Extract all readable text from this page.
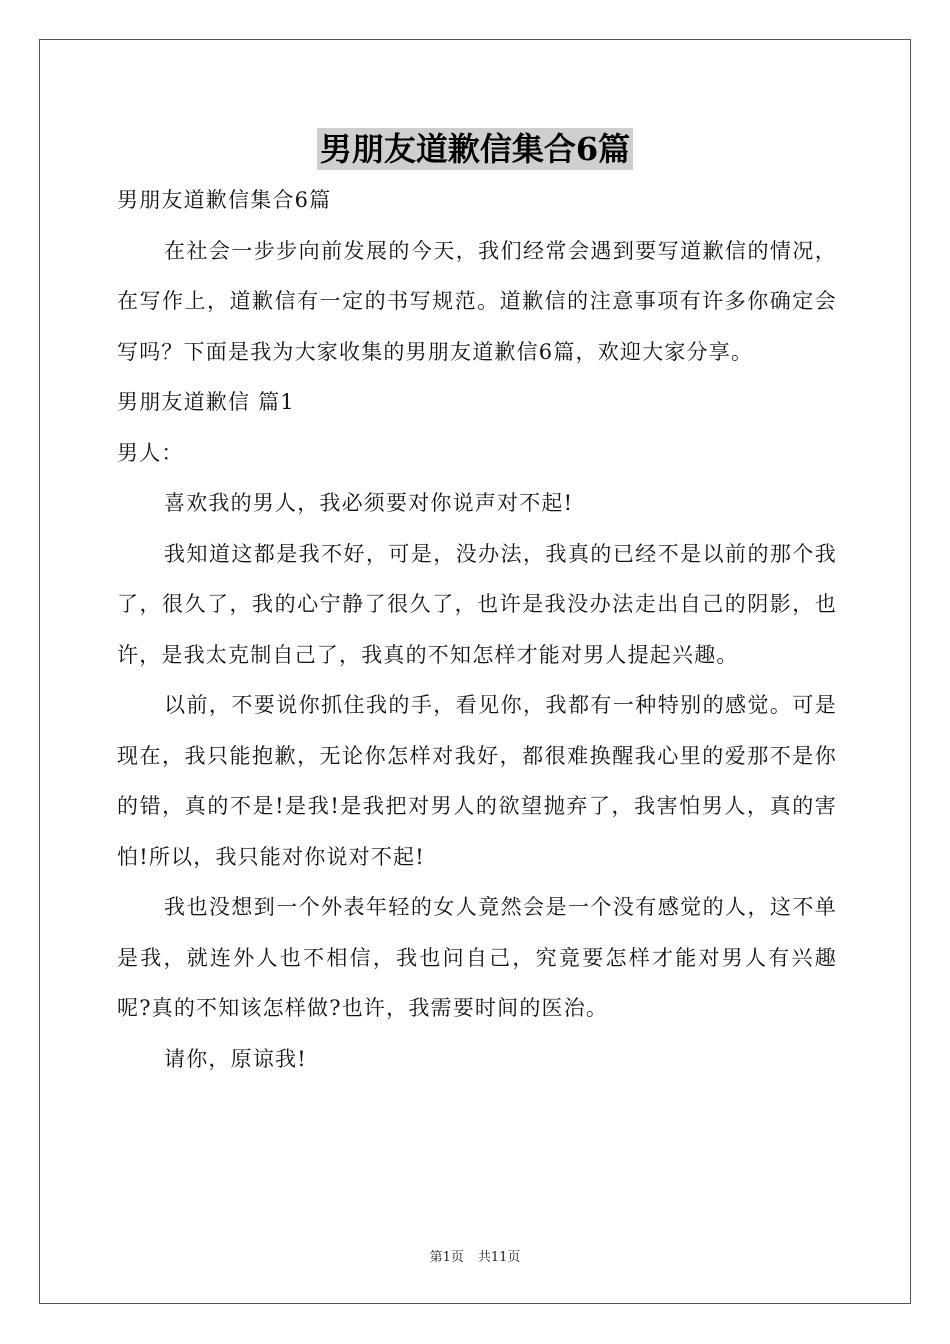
男朋友道歉信集合6篇

男朋友道歉信集合6篇

在社会一步步向前发展的今天，我们经常会遇到要写道歉信的情况，在写作上，道歉信有一定的书写规范。道歉信的注意事项有许多你确定会写吗？下面是我为大家收集的男朋友道歉信6篇，欢迎大家分享。

男朋友道歉信 篇1

男人：

喜欢我的男人，我必须要对你说声对不起!

我知道这都是我不好，可是，没办法，我真的已经不是以前的那个我了，很久了，我的心宁静了很久了，也许是我没办法走出自己的阴影，也许，是我太克制自己了，我真的不知怎样才能对男人提起兴趣。

以前，不要说你抓住我的手，看见你，我都有一种特别的感觉。可是现在，我只能抱歉，无论你怎样对我好，都很难换醒我心里的爱那不是你的错，真的不是!是我!是我把对男人的欲望抛弃了，我害怕男人，真的害怕!所以，我只能对你说对不起!

我也没想到一个外表年轻的女人竟然会是一个没有感觉的人，这不单是我，就连外人也不相信，我也问自己，究竟要怎样才能对男人有兴趣呢?真的不知该怎样做?也许，我需要时间的医治。

请你，原谅我!

第1页 共11页
